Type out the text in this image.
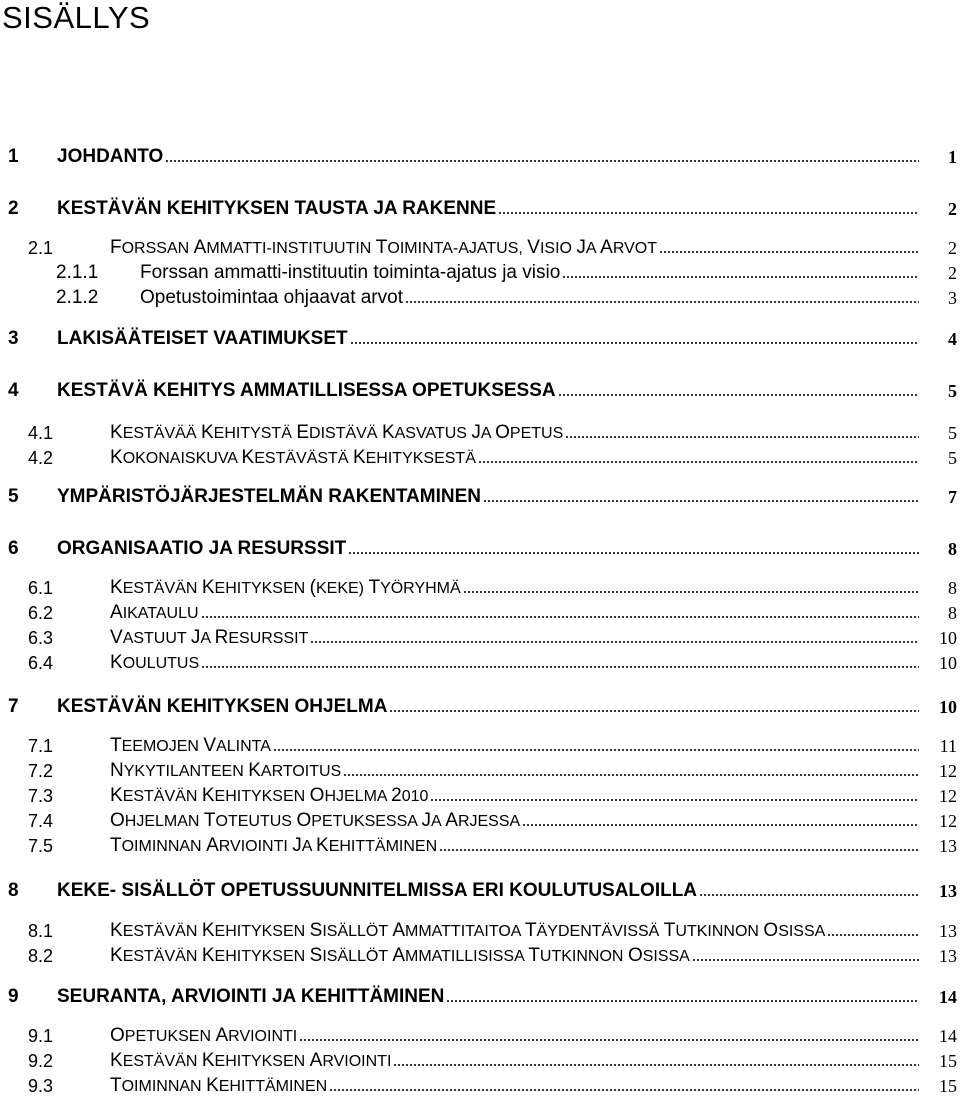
SISÄLLYS
1 JOHDANTO	1
2 KESTÄVÄN KEHITYKSEN TAUSTA JA RAKENNE	2
2.1	FORSSAN AMMATTI-INSTITUUTIN TOIMINTA-AJATUS, VISIO JA ARVOT	2
2.1.1 Forssan ammatti-instituutin toiminta-ajatus ja visio	2
2.1.2 Opetustoimintaa ohjaavat arvot	3
3 LAKISÄÄTEISET VAATIMUKSET	4
4 KESTÄVÄ KEHITYS AMMATILLISESSA OPETUKSESSA	5
4.1	KESTÄVÄÄ KEHITYSTÄ EDISTÄVÄ KASVATUS JA OPETUS	5
4.2	KOKONAISKUVA KESTÄVÄSTÄ KEHITYKSESTÄ	5
5 YMPÄRISTÖJÄRJESTELMÄN RAKENTAMINEN	7
6 ORGANISAATIO JA RESURSSIT	8
6.1	KESTÄVÄN KEHITYKSEN (KEKE) TYÖRYHMÄ	8
6.2	AIKATAULU	8
6.3	VASTUUT JA RESURSSIT	10
6.4	KOULUTUS	10
7 KESTÄVÄN KEHITYKSEN OHJELMA	10
7.1	TEEMOJEN VALINTA	11
7.2	NYKYTILANTEEN KARTOITUS	12
7.3	KESTÄVÄN KEHITYKSEN OHJELMA 2010	12
7.4	OHJELMAN TOTEUTUS OPETUKSESSA JA ARJESSA	12
7.5	TOIMINNAN ARVIOINTI JA KEHITTÄMINEN	13
8 KEKE- SISÄLLÖT OPETUSSUUNNITELMISSA ERI KOULUTUSALOILLA	13
8.1	KESTÄVÄN KEHITYKSEN SISÄLLÖT AMMATTITAITOA TÄYDENTÄVISSÄ TUTKINNON OSISSA	13
8.2	KESTÄVÄN KEHITYKSEN SISÄLLÖT AMMATILLISISSA TUTKINNON OSISSA	13
9 SEURANTA, ARVIOINTI JA KEHITTÄMINEN	14
9.1	OPETUKSEN ARVIOINTI	14
9.2	KESTÄVÄN KEHITYKSEN ARVIOINTI	15
9.3	TOIMINNAN KEHITTÄMINEN	15
